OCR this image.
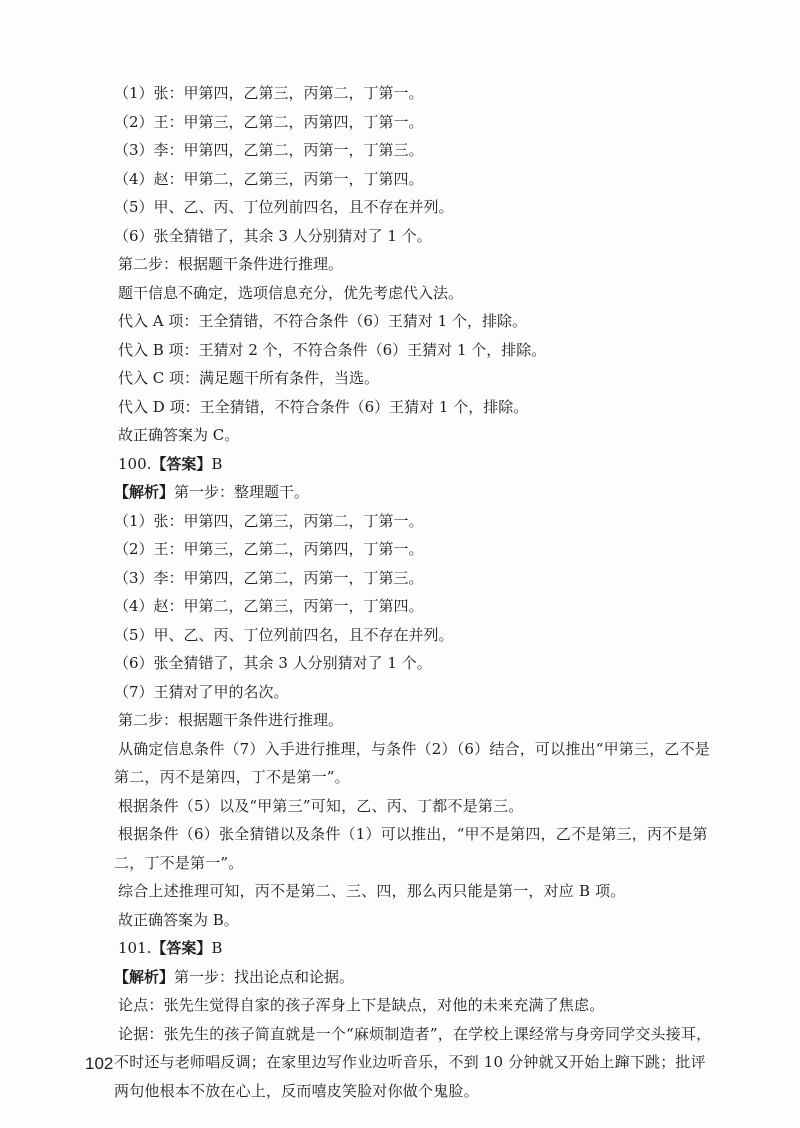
（1）张：甲第四，乙第三，丙第二，丁第一。
（2）王：甲第三，乙第二，丙第四，丁第一。
（3）李：甲第四，乙第二，丙第一，丁第三。
（4）赵：甲第二，乙第三，丙第一，丁第四。
（5）甲、乙、丙、丁位列前四名，且不存在并列。
（6）张全猜错了，其余 3 人分别猜对了 1 个。
第二步：根据题干条件进行推理。
题干信息不确定，选项信息充分，优先考虑代入法。
代入 A 项：王全猜错，不符合条件（6）王猜对 1 个，排除。
代入 B 项：王猜对 2 个，不符合条件（6）王猜对 1 个，排除。
代入 C 项：满足题干所有条件，当选。
代入 D 项：王全猜错，不符合条件（6）王猜对 1 个，排除。
故正确答案为 C。
100.【答案】B
【解析】第一步：整理题干。
（1）张：甲第四，乙第三，丙第二，丁第一。
（2）王：甲第三，乙第二，丙第四，丁第一。
（3）李：甲第四，乙第二，丙第一，丁第三。
（4）赵：甲第二，乙第三，丙第一，丁第四。
（5）甲、乙、丙、丁位列前四名，且不存在并列。
（6）张全猜错了，其余 3 人分别猜对了 1 个。
（7）王猜对了甲的名次。
第二步：根据题干条件进行推理。
从确定信息条件（7）入手进行推理，与条件（2）（6）结合，可以推出“甲第三，乙不是第二，丙不是第四，丁不是第一”。
根据条件（5）以及“甲第三”可知，乙、丙、丁都不是第三。
根据条件（6）张全猜错以及条件（1）可以推出，“甲不是第四，乙不是第三，丙不是第二，丁不是第一”。
综合上述推理可知，丙不是第二、三、四，那么丙只能是第一，对应 B 项。
故正确答案为 B。
101.【答案】B
【解析】第一步：找出论点和论据。
论点：张先生觉得自家的孩子浑身上下是缺点，对他的未来充满了焦虑。
论据：张先生的孩子简直就是一个“麻烦制造者”，在学校上课经常与身旁同学交头接耳，不时还与老师唱反调；在家里边写作业边听音乐，不到 10 分钟就又开始上蹿下跳；批评两句他根本不放在心上，反而嘻皮笑脸对你做个鬼脸。
102
